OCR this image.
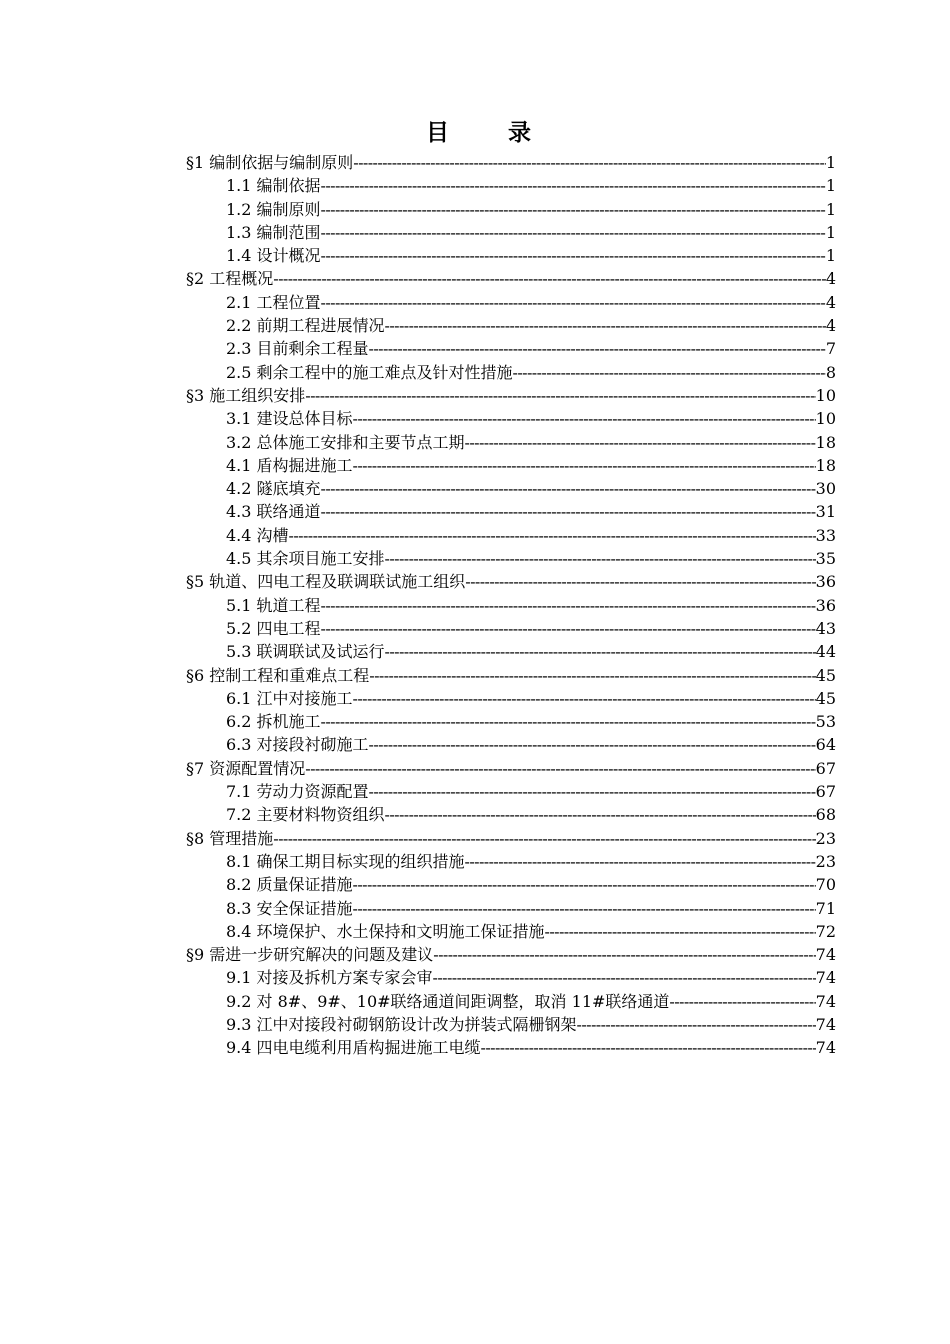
目　录
§1 编制依据与编制原则 -----	1
1.1 编制依据 -----	1
1.2 编制原则 -----	1
1.3 编制范围 -----	1
1.4 设计概况 -----	1
§2 工程概况 -----	4
2.1 工程位置 -----	4
2.2 前期工程进展情况 -----	4
2.3 目前剩余工程量 -----	7
2.5 剩余工程中的施工难点及针对性措施 -----	8
§3 施工组织安排 -----	10
3.1 建设总体目标 -----	10
3.2 总体施工安排和主要节点工期 -----	18
4.1 盾构掘进施工 -----	18
4.2 隧底填充 -----	30
4.3 联络通道 -----	31
4.4 沟槽 -----	33
4.5 其余项目施工安排 -----	35
§5 轨道、四电工程及联调联试施工组织 -----	36
5.1 轨道工程 -----	36
5.2 四电工程 -----	43
5.3 联调联试及试运行 -----	44
§6 控制工程和重难点工程 -----	45
6.1 江中对接施工 -----	45
6.2 拆机施工 -----	53
6.3 对接段衬砌施工 -----	64
§7 资源配置情况 -----	67
7.1 劳动力资源配置 -----	67
7.2 主要材料物资组织 -----	68
§8 管理措施 -----	23
8.1 确保工期目标实现的组织措施 -----	23
8.2 质量保证措施 -----	70
8.3 安全保证措施 -----	71
8.4 环境保护、水土保持和文明施工保证措施 -----	72
§9 需进一步研究解决的问题及建议 -----	74
9.1 对接及拆机方案专家会审 -----	74
9.2 对 8#、9#、10#联络通道间距调整，取消 11#联络通道 -----	74
9.3 江中对接段衬砌钢筋设计改为拼装式隔栅钢架 -----	74
9.4 四电电缆利用盾构掘进施工电缆 -----	74
